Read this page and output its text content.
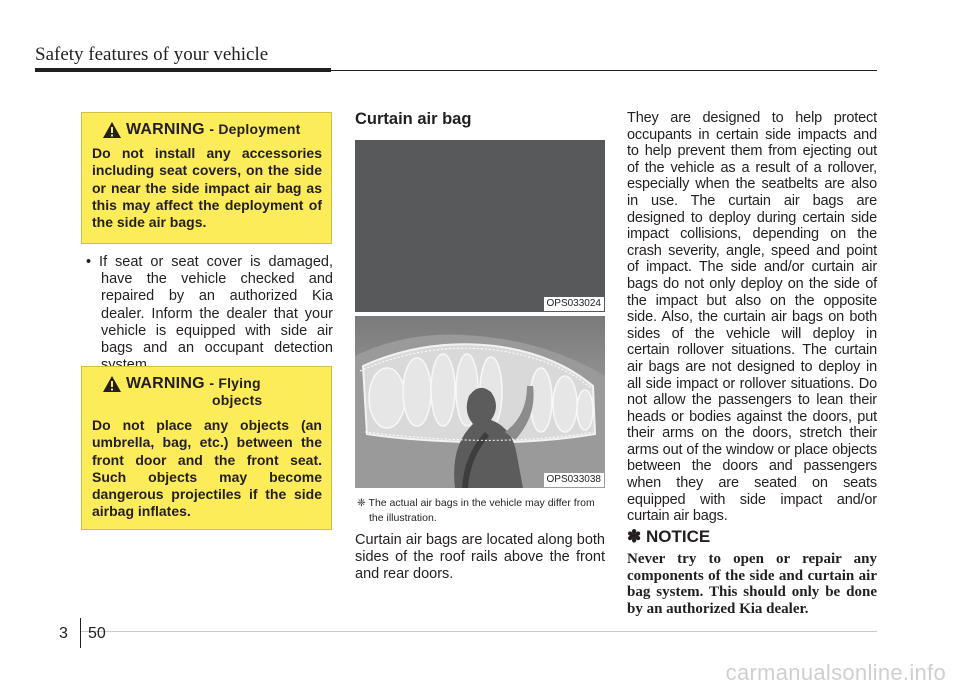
Safety features of your vehicle
WARNING - Deployment
Do not install any accessories including seat covers, on the side or near the side impact air bag as this may affect the deployment of the side air bags.
• If seat or seat cover is damaged, have the vehicle checked and repaired by an authorized Kia dealer. Inform the dealer that your vehicle is equipped with side air bags and an occupant detection
WARNING - Flying
objects
Do not place any objects (an umbrella, bag, etc.) between the front door and the front seat. Such objects may become dangerous projectiles if the side airbag inflates.
Curtain air bag
OPS033024
OPS033038
❈ The actual air bags in the vehicle may differ from the illustration.
Curtain air bags are located along both sides of the roof rails above the front and rear doors.
They are designed to help protect occupants in certain side impacts and to help prevent them from ejecting out of the vehicle as a result of a rollover, especially when the seatbelts are also in use. The curtain air bags are designed to deploy during certain side impact collisions, depending on the crash severity, angle, speed and point of impact. The side and/or curtain air bags do not only deploy on the side of the impact but also on the opposite side. Also, the curtain air bags on both sides of the vehicle will deploy in certain rollover situations. The curtain air bags are not designed to deploy in all side impact or rollover situations. Do not allow the passengers to lean their heads or bodies against the doors, put their arms on the doors, stretch their arms out of the window or place objects between the doors and passengers when they are seated on seats equipped with side impact and/or curtain air bags.
✽ NOTICE
Never try to open or repair any components of the side and curtain air bag system. This should only be done by an authorized Kia dealer.
3 50
carmanualsonline.info
